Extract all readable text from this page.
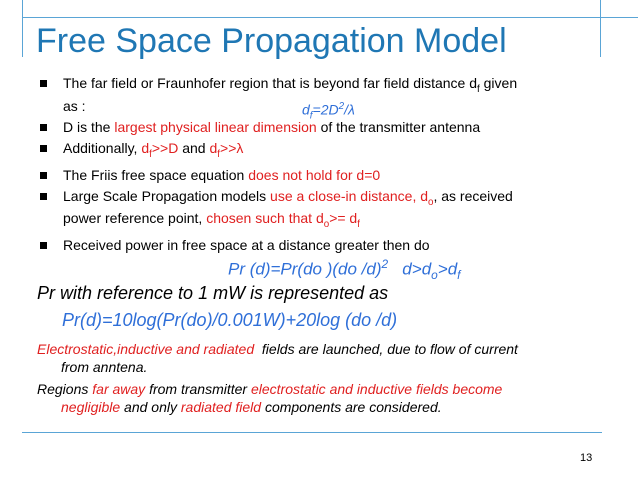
Free Space Propagation Model
The far field or Fraunhofer region that is beyond far field distance $d_f$ given
as :	$d_f=2D^2/\lambda$
D is the largest physical linear dimension of the transmitter antenna
Additionally, $d_f>>D$ and $d_f>>\lambda$
The Friis free space equation does not hold for d=0
Large Scale Propagation models use a close-in distance, $d_o$, as received
power reference point, chosen such that $d_o>= d_f$
Received power in free space at a distance greater then do
Pr (d)=Pr(do )(do /d)$^2$   $d>d_o>d_f$
Pr with reference to 1 mW is represented as
Pr(d)=10log(Pr(do)/0.001W)+20log (do /d)
Electrostatic,inductive and radiated  fields are launched, due to flow of current
from anntena.
Regions far away from transmitter electrostatic and inductive fields become
negligible and only radiated field components are considered.
13
